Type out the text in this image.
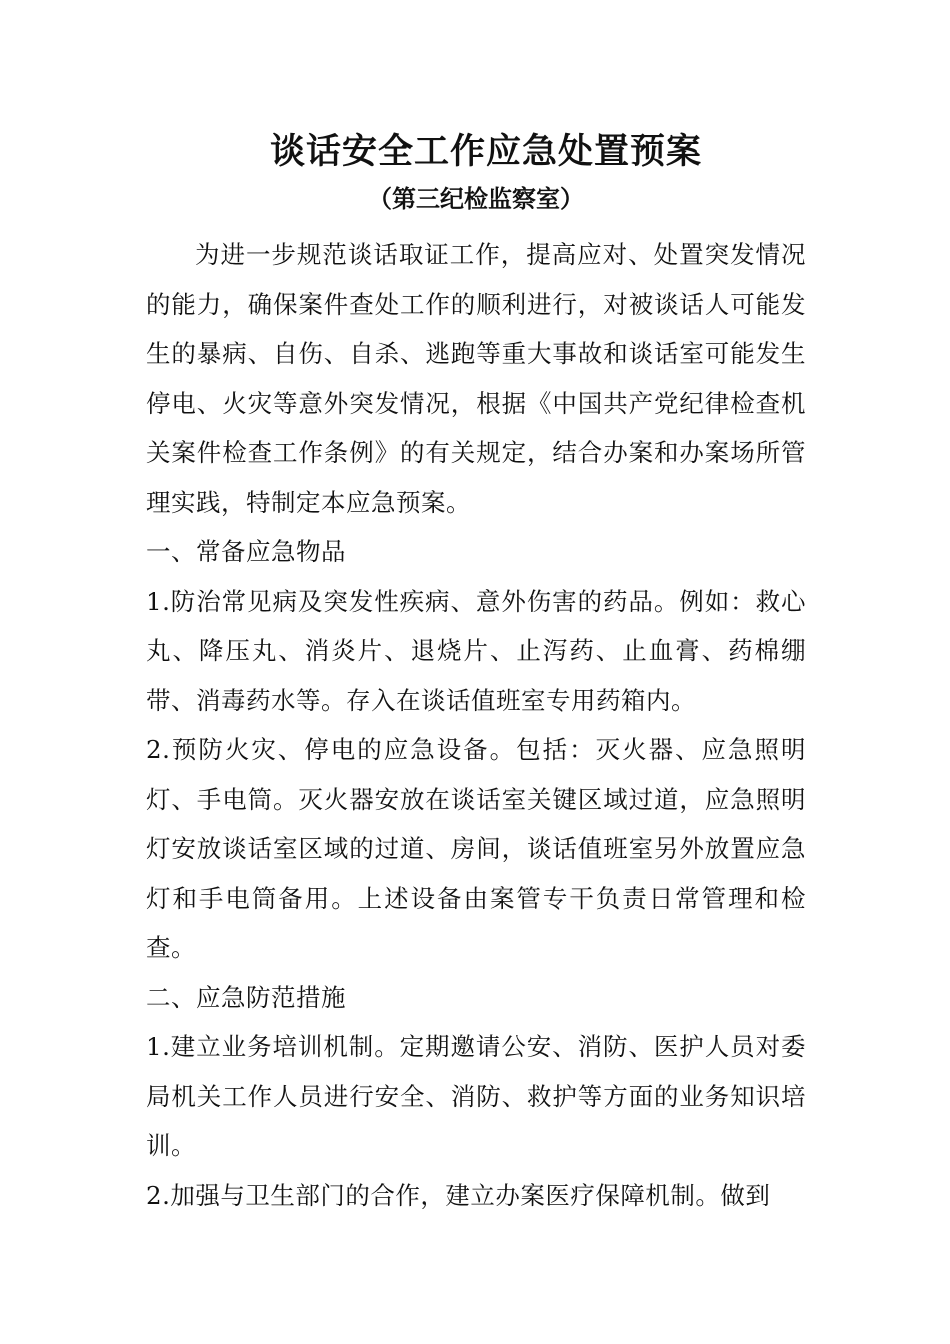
谈话安全工作应急处置预案
（第三纪检监察室）

为进一步规范谈话取证工作，提高应对、处置突发情况的能力，确保案件查处工作的顺利进行，对被谈话人可能发生的暴病、自伤、自杀、逃跑等重大事故和谈话室可能发生停电、火灾等意外突发情况，根据《中国共产党纪律检查机关案件检查工作条例》的有关规定，结合办案和办案场所管理实践，特制定本应急预案。

一、常备应急物品

1.防治常见病及突发性疾病、意外伤害的药品。例如：救心丸、降压丸、消炎片、退烧片、止泻药、止血膏、药棉绷带、消毒药水等。存入在谈话值班室专用药箱内。

2.预防火灾、停电的应急设备。包括：灭火器、应急照明灯、手电筒。灭火器安放在谈话室关键区域过道，应急照明灯安放谈话室区域的过道、房间，谈话值班室另外放置应急灯和手电筒备用。上述设备由案管专干负责日常管理和检查。

二、应急防范措施

1.建立业务培训机制。定期邀请公安、消防、医护人员对委局机关工作人员进行安全、消防、救护等方面的业务知识培训。

2.加强与卫生部门的合作，建立办案医疗保障机制。做到
